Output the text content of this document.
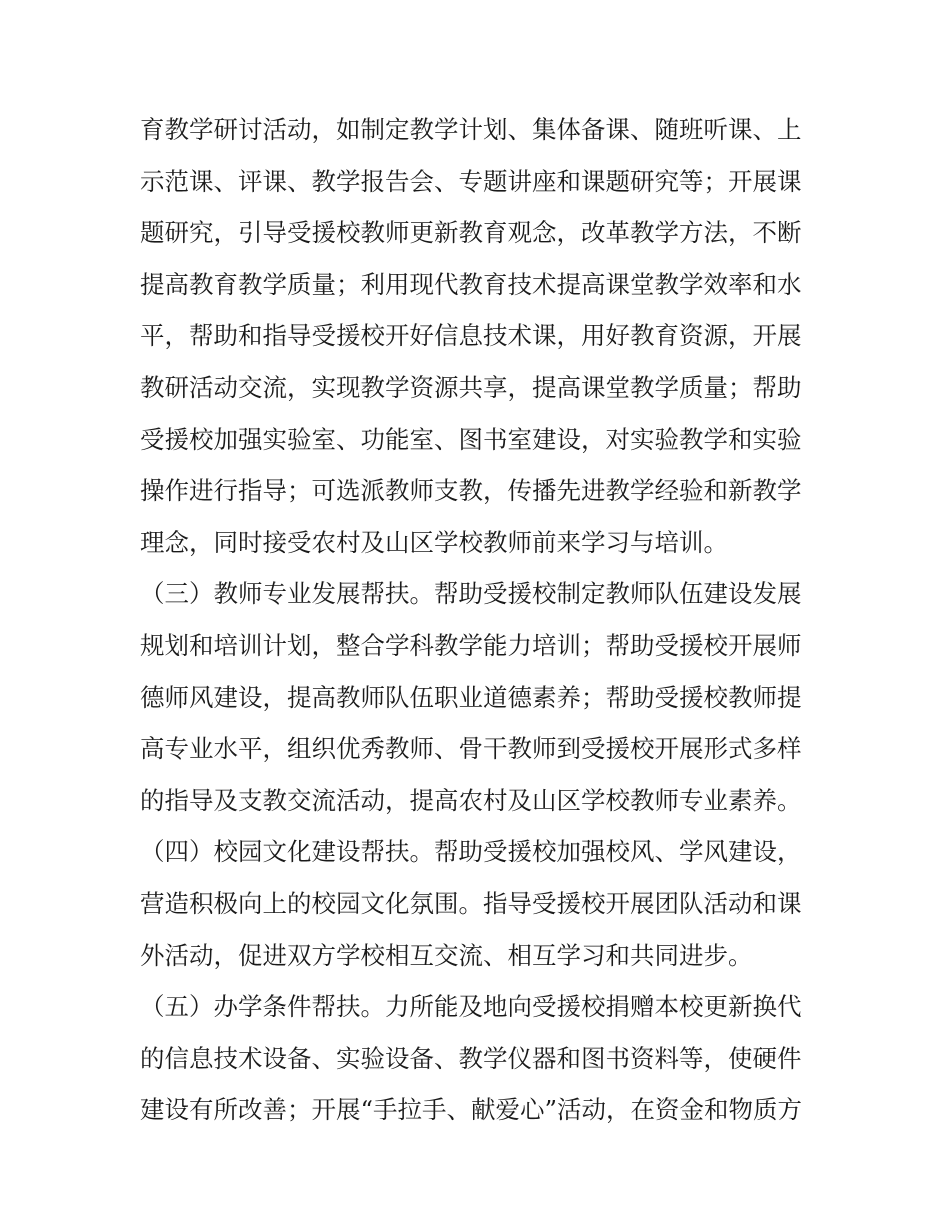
育教学研讨活动，如制定教学计划、集体备课、随班听课、上
示范课、评课、教学报告会、专题讲座和课题研究等；开展课
题研究，引导受援校教师更新教育观念，改革教学方法，不断
提高教育教学质量；利用现代教育技术提高课堂教学效率和水
平，帮助和指导受援校开好信息技术课，用好教育资源，开展
教研活动交流，实现教学资源共享，提高课堂教学质量；帮助
受援校加强实验室、功能室、图书室建设，对实验教学和实验
操作进行指导；可选派教师支教，传播先进教学经验和新教学
理念，同时接受农村及山区学校教师前来学习与培训。
（三）教师专业发展帮扶。帮助受援校制定教师队伍建设发展
规划和培训计划，整合学科教学能力培训；帮助受援校开展师
德师风建设，提高教师队伍职业道德素养；帮助受援校教师提
高专业水平，组织优秀教师、骨干教师到受援校开展形式多样
的指导及支教交流活动，提高农村及山区学校教师专业素养。
（四）校园文化建设帮扶。帮助受援校加强校风、学风建设，
营造积极向上的校园文化氛围。指导受援校开展团队活动和课
外活动，促进双方学校相互交流、相互学习和共同进步。
（五）办学条件帮扶。力所能及地向受援校捐赠本校更新换代
的信息技术设备、实验设备、教学仪器和图书资料等，使硬件
建设有所改善；开展“手拉手、献爱心”活动，在资金和物质方
